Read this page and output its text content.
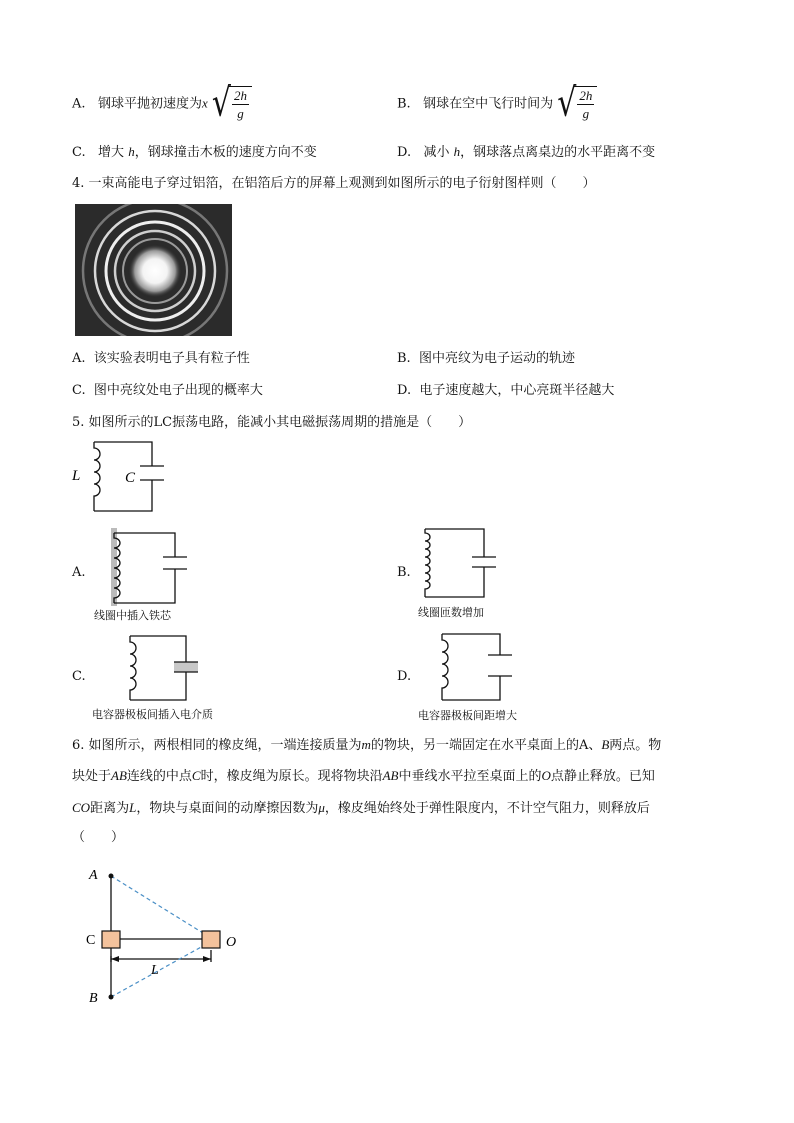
A. 钢球平抛初速度为x √
$\frac{2h}{g}$	B. 钢球在空中飞行时间为 √
$\frac{2h}{g}$
C. 增大 h，钢球撞击木板的速度方向不变	D. 减小 h，钢球落点离桌边的水平距离不变
4. 一束高能电子穿过铝箔，在铝箔后方的屏幕上观测到如图所示的电子衍射图样则（　　）
A. 该实验表明电子具有粒子性	B. 图中亮纹为电子运动的轨迹
C. 图中亮纹处电子出现的概率大	D. 电子速度越大，中心亮斑半径越大
5. 如图所示的LC振荡电路，能减小其电磁振荡周期的措施是（　　）
L	C
A.
线圈中插入铁芯
B.
线圈匝数增加
C.
电容器极板间插入电介质
D.
电容器极板间距增大
6. 如图所示，两根相同的橡皮绳，一端连接质量为m的物块，另一端固定在水平桌面上的A、B两点。物
块处于AB连线的中点C时，橡皮绳为原长。现将物块沿AB中垂线水平拉至桌面上的O点静止释放。已知
CO距离为L，物块与桌面间的动摩擦因数为μ，橡皮绳始终处于弹性限度内，不计空气阻力，则释放后
（　　）
A
C	O
B
L
